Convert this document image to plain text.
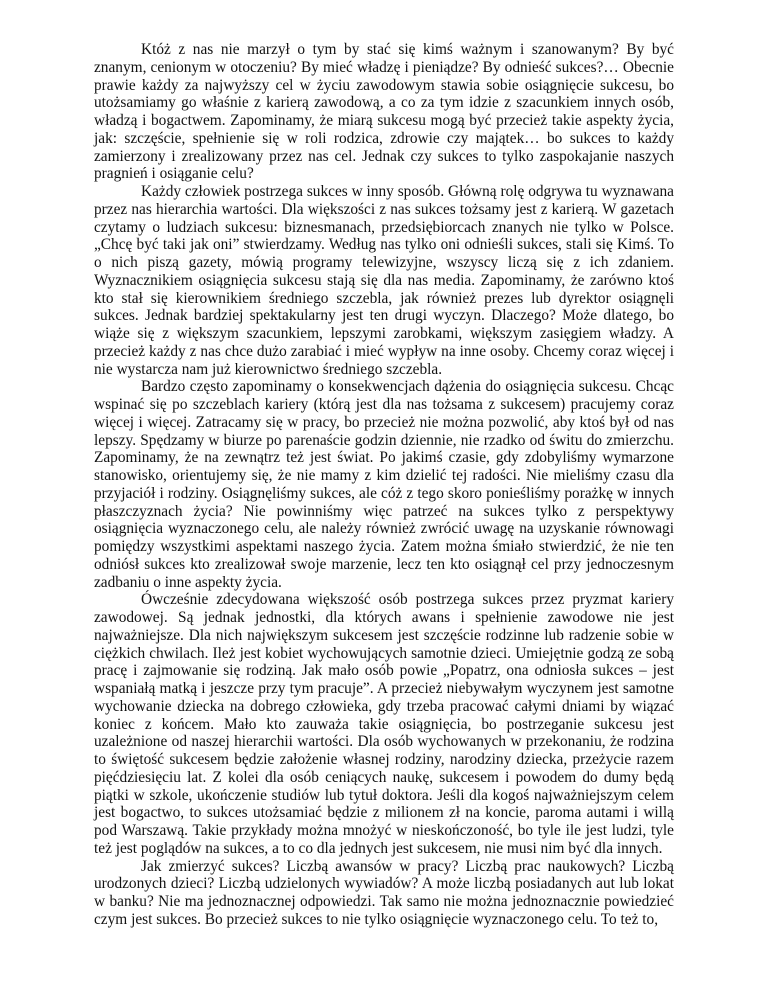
Któż z nas nie marzył o tym by stać się kimś ważnym i szanowanym? By być znanym, cenionym w otoczeniu? By mieć władzę i pieniądze? By odnieść sukces?… Obecnie prawie każdy za najwyższy cel w życiu zawodowym stawia sobie osiągnięcie sukcesu, bo utożsamiamy go właśnie z karierą zawodową, a co za tym idzie z szacunkiem innych osób, władzą i bogactwem. Zapominamy, że miarą sukcesu mogą być przecież takie aspekty życia, jak: szczęście, spełnienie się w roli rodzica, zdrowie czy majątek… bo sukces to każdy zamierzony i zrealizowany przez nas cel. Jednak czy sukces to tylko zaspokajanie naszych pragnień i osiąganie celu?

Każdy człowiek postrzega sukces w inny sposób. Główną rolę odgrywa tu wyznawana przez nas hierarchia wartości. Dla większości z nas sukces tożsamy jest z karierą. W gazetach czytamy o ludziach sukcesu: biznesmanach, przedsiębiorcach znanych nie tylko w Polsce. „Chcę być taki jak oni” stwierdzamy. Według nas tylko oni odnieśli sukces, stali się Kimś. To o nich piszą gazety, mówią programy telewizyjne, wszyscy liczą się z ich zdaniem. Wyznacznikiem osiągnięcia sukcesu stają się dla nas media. Zapominamy, że zarówno ktoś kto stał się kierownikiem średniego szczebla, jak również prezes lub dyrektor osiągnęli sukces. Jednak bardziej spektakularny jest ten drugi wyczyn. Dlaczego? Może dlatego, bo wiąże się z większym szacunkiem, lepszymi zarobkami, większym zasięgiem władzy. A przecież każdy z nas chce dużo zarabiać i mieć wypływ na inne osoby. Chcemy coraz więcej i nie wystarcza nam już kierownictwo średniego szczebla.

Bardzo często zapominamy o konsekwencjach dążenia do osiągnięcia sukcesu. Chcąc wspinać się po szczeblach kariery (którą jest dla nas tożsama z sukcesem) pracujemy coraz więcej i więcej. Zatracamy się w pracy, bo przecież nie można pozwolić, aby ktoś był od nas lepszy. Spędzamy w biurze po parenaście godzin dziennie, nie rzadko od świtu do zmierzchu. Zapominamy, że na zewnątrz też jest świat. Po jakimś czasie, gdy zdobyliśmy wymarzone stanowisko, orientujemy się, że nie mamy z kim dzielić tej radości. Nie mieliśmy czasu dla przyjaciół i rodziny. Osiągnęliśmy sukces, ale cóż z tego skoro ponieśliśmy porażkę w innych płaszczyznach życia? Nie powinniśmy więc patrzeć na sukces tylko z perspektywy osiągnięcia wyznaczonego celu, ale należy również zwrócić uwagę na uzyskanie równowagi pomiędzy wszystkimi aspektami naszego życia. Zatem można śmiało stwierdzić, że nie ten odniósł sukces kto zrealizował swoje marzenie, lecz ten kto osiągnął cel przy jednoczesnym zadbaniu o inne aspekty życia.

Ówcześnie zdecydowana większość osób postrzega sukces przez pryzmat kariery zawodowej. Są jednak jednostki, dla których awans i spełnienie zawodowe nie jest najważniejsze. Dla nich największym sukcesem jest szczęście rodzinne lub radzenie sobie w ciężkich chwilach. Ileż jest kobiet wychowujących samotnie dzieci. Umiejętnie godzą ze sobą pracę i zajmowanie się rodziną. Jak mało osób powie „Popatrz, ona odniosła sukces – jest wspaniałą matką i jeszcze przy tym pracuje”. A przecież niebywałym wyczynem jest samotne wychowanie dziecka na dobrego człowieka, gdy trzeba pracować całymi dniami by wiązać koniec z końcem. Mało kto zauważa takie osiągnięcia, bo postrzeganie sukcesu jest uzależnione od naszej hierarchii wartości. Dla osób wychowanych w przekonaniu, że rodzina to świętość sukcesem będzie założenie własnej rodziny, narodziny dziecka, przeżycie razem pięćdziesięciu lat. Z kolei dla osób ceniących naukę, sukcesem i powodem do dumy będą piątki w szkole, ukończenie studiów lub tytuł doktora. Jeśli dla kogoś najważniejszym celem jest bogactwo, to sukces utożsamiać będzie z milionem zł na koncie, paroma autami i willą pod Warszawą. Takie przykłady można mnożyć w nieskończoność, bo tyle ile jest ludzi, tyle też jest poglądów na sukces, a to co dla jednych jest sukcesem, nie musi nim być dla innych.

Jak zmierzyć sukces? Liczbą awansów w pracy? Liczbą prac naukowych? Liczbą urodzonych dzieci? Liczbą udzielonych wywiadów? A może liczbą posiadanych aut lub lokat w banku? Nie ma jednoznacznej odpowiedzi. Tak samo nie można jednoznacznie powiedzieć czym jest sukces. Bo przecież sukces to nie tylko osiągnięcie wyznaczonego celu. To też to,
